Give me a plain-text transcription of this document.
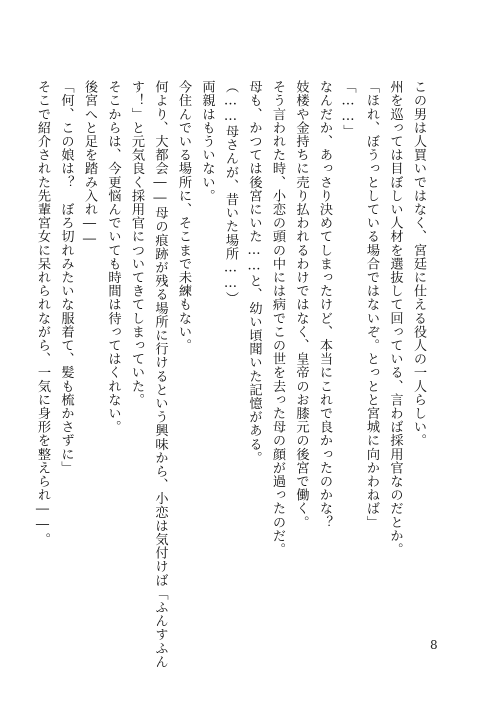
この男は人買いではなく、宮廷に仕える役人の一人らしい。
州を巡っては目ぼしい人材を選抜して回っている、言わば採用官なのだとか。
「ほれ、ぼうっとしている場合ではないぞ。とっとと宮城に向かわねば」
「……」
なんだか、あっさり決めてしまったけど、本当にこれで良かったのかな？
妓楼や金持ちに売り払われるわけではなく、皇帝のお膝元の後宮で働く。
そう言われた時、小恋の頭の中には病でこの世を去った母の顔が過ったのだ。
母も、かつては後宮にいた……と、幼い頃聞いた記憶がある。
（……母さんが、昔いた場所……）
両親はもういない。
今住んでいる場所に、そこまで未練もない。
何より、大都会――母の痕跡が残る場所に行けるという興味から、小恋は気付けば「ふんすふん
す！」と元気良く採用官についてきてしまっていた。
そこからは、今更悩んでいても時間は待ってはくれない。
後宮へと足を踏み入れ――
「何、この娘は？　ぼろ切れみたいな服着て、髪も梳かさずに」
そこで紹介された先輩宮女に呆れられながら、一気に身形を整えられ――。
8
